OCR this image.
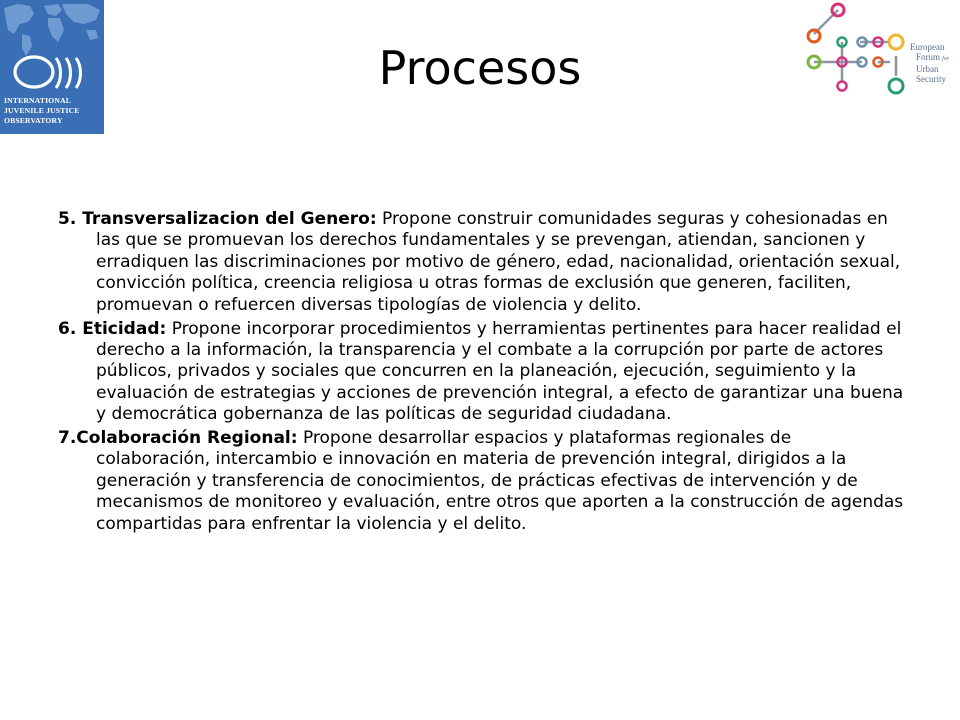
INTERNATIONAL
JUVENILE JUSTICE
OBSERVATORY
Procesos	European
Forum for
Urban
Security

5. Transversalizacion del Genero: Propone construir comunidades seguras y cohesionadas en las que se promuevan los derechos fundamentales y se prevengan, atiendan, sancionen y erradiquen las discriminaciones por motivo de género, edad, nacionalidad, orientación sexual, convicción política, creencia religiosa u otras formas de exclusión que generen, faciliten, promuevan o refuercen diversas tipologías de violencia y delito.

6. Eticidad: Propone incorporar procedimientos y herramientas pertinentes para hacer realidad el derecho a la información, la transparencia y el combate a la corrupción por parte de actores públicos, privados y sociales que concurren en la planeación, ejecución, seguimiento y la evaluación de estrategias y acciones de prevención integral, a efecto de garantizar una buena y democrática gobernanza de las políticas de seguridad ciudadana.

7.Colaboración Regional: Propone desarrollar espacios y plataformas regionales de colaboración, intercambio e innovación en materia de prevención integral, dirigidos a la generación y transferencia de conocimientos, de prácticas efectivas de intervención y de mecanismos de monitoreo y evaluación, entre otros que aporten a la construcción de agendas compartidas para enfrentar la violencia y el delito.
